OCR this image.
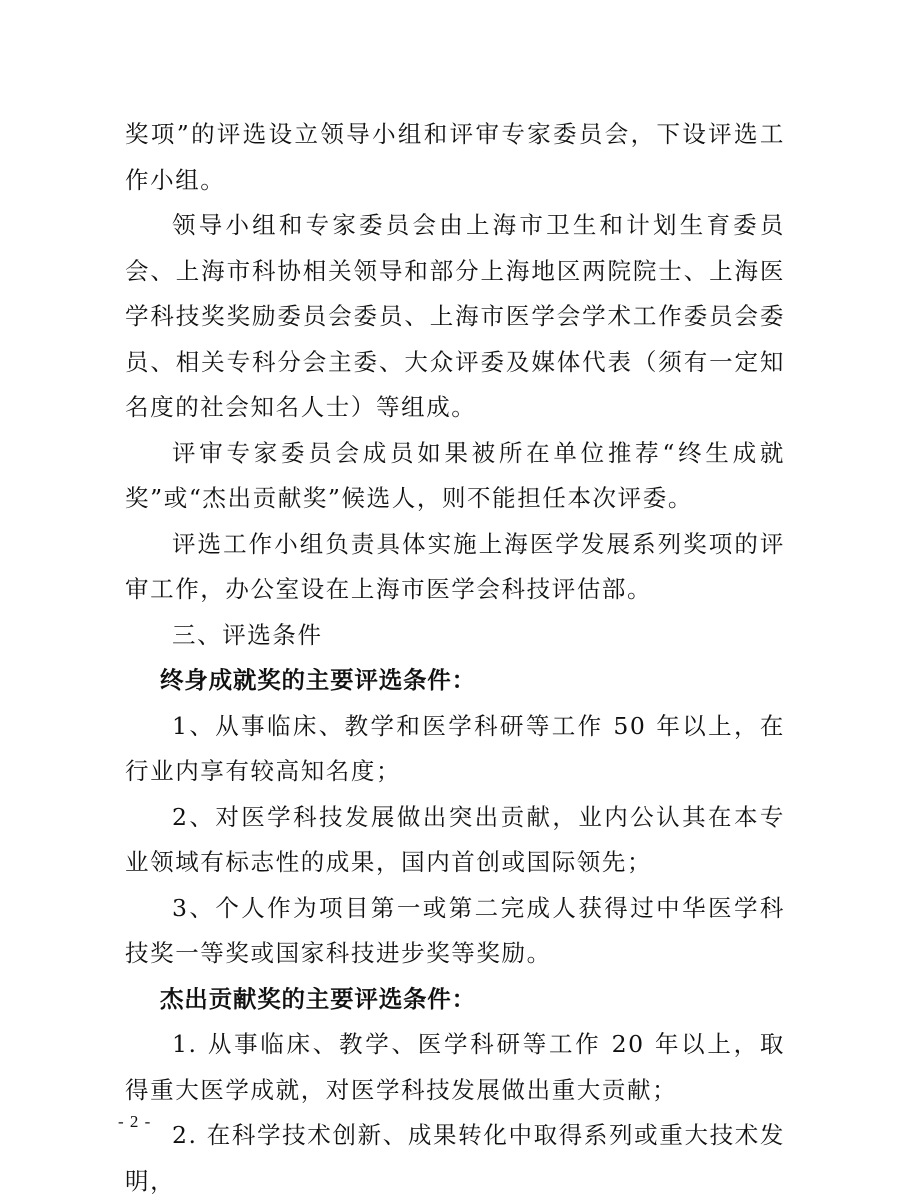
奖项”的评选设立领导小组和评审专家委员会，下设评选工作小组。

领导小组和专家委员会由上海市卫生和计划生育委员会、上海市科协相关领导和部分上海地区两院院士、上海医学科技奖奖励委员会委员、上海市医学会学术工作委员会委员、相关专科分会主委、大众评委及媒体代表（须有一定知名度的社会知名人士）等组成。

评审专家委员会成员如果被所在单位推荐“终生成就奖”或“杰出贡献奖”候选人，则不能担任本次评委。

评选工作小组负责具体实施上海医学发展系列奖项的评审工作，办公室设在上海市医学会科技评估部。

三、评选条件

终身成就奖的主要评选条件：

1、从事临床、教学和医学科研等工作 50 年以上，在行业内享有较高知名度；

2、对医学科技发展做出突出贡献，业内公认其在本专业领域有标志性的成果，国内首创或国际领先；

3、个人作为项目第一或第二完成人获得过中华医学科技奖一等奖或国家科技进步奖等奖励。

杰出贡献奖的主要评选条件：

1. 从事临床、教学、医学科研等工作 20 年以上，取得重大医学成就，对医学科技发展做出重大贡献；

2. 在科学技术创新、成果转化中取得系列或重大技术发明，

- 2 -
